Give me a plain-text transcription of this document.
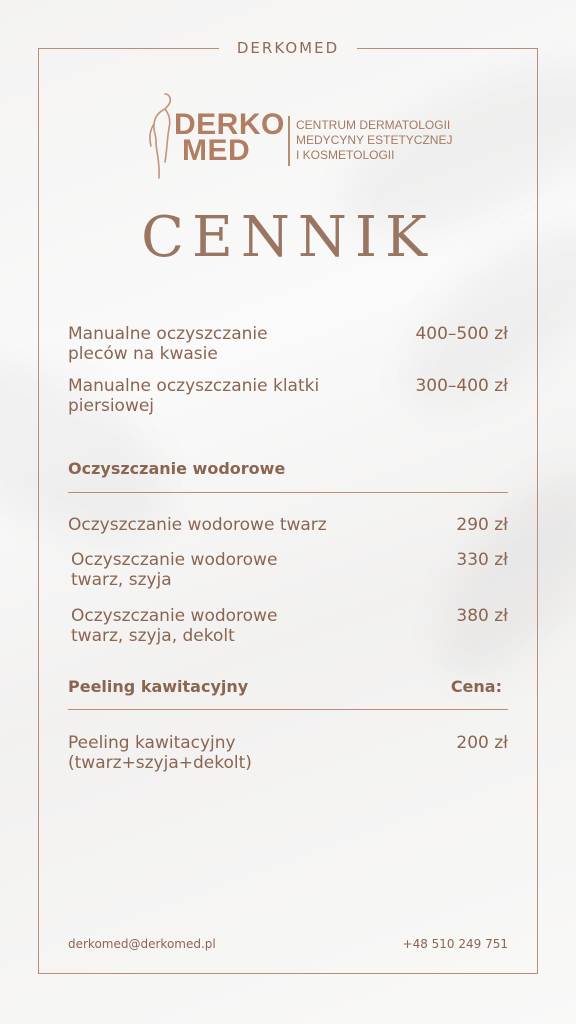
DERKOMED
DERKO
MED
CENTRUM DERMATOLOGII
MEDYCYNY ESTETYCZNEJ
I KOSMETOLOGII
CENNIK
Manualne oczyszczanie
pleców na kwasie
400–500 zł
Manualne oczyszczanie klatki
piersiowej
300–400 zł
Oczyszczanie wodorowe
Oczyszczanie wodorowe twarz	290 zł
Oczyszczanie wodorowe
twarz, szyja
330 zł
Oczyszczanie wodorowe
twarz, szyja, dekolt
380 zł
Peeling kawitacyjny	Cena:
Peeling kawitacyjny
(twarz+szyja+dekolt)
200 zł
derkomed@derkomed.pl	+48 510 249 751
